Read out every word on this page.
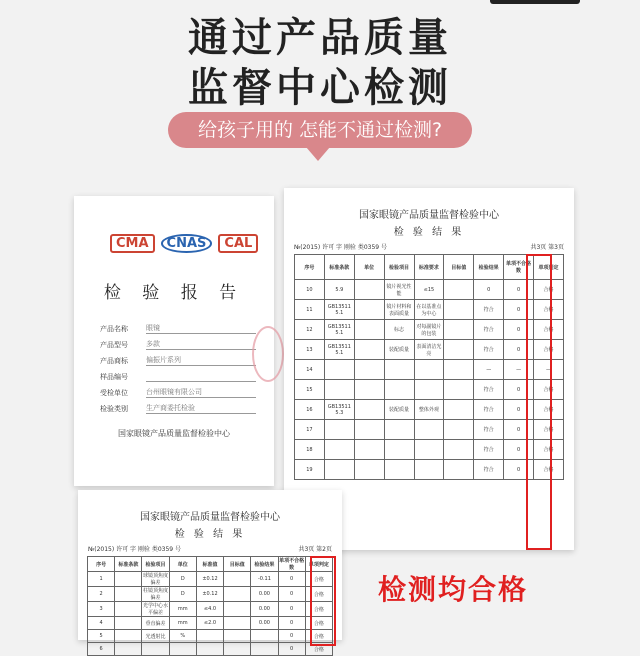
通过产品质量
监督中心检测
给孩子用的 怎能不通过检测?
CMA	CNAS	CAL
检 验 报 告
产品名称	眼镜
产品型号	多款
产品商标	偏振片系列
样品编号
受检单位	台州眼镜有限公司
检验类别	生产商委托检验
国家眼镜产品质量监督检验中心
国家眼镜产品质量监督检验中心
检 验 结 果
№(2015) 许可 字 刚验 类0359 号	共3页 第3页
序号	标准条款	单位	检验项目	标准要求	目标值	检验结果	单项不合格数	单项判定
10	5.9		镜片视光性能	≤15		0	0	合格
11	GB13511 5.1		镜片材料和表面质量	在以基准点为中心		符合	0	合格
12	GB13511 5.1		标志	对每副镜片的包装		符合	0	合格
13	GB13511 5.1		装配质量	表面清洁光亮		符合	0	合格
14						—	—	—
15						符合	0	合格
16	GB13511 5.3		装配质量	整体外观		符合	0	合格
17						符合	0	合格
18						符合	0	合格
19						符合	0	合格
国家眼镜产品质量监督检验中心
检 验 结 果
№(2015) 许可 字 刚验 类0359 号	共3页 第2页
序号	标准条款	检验项目	单位	标准值	目标值	检验结果	单项不合格数	单项判定
1		球镜顶焦度偏差	D	±0.12		-0.11	0	合格
2		柱镜顶焦度偏差	D	±0.12		0.00	0	合格
3		光学中心水平偏差	mm	≤4.0		0.00	0	合格
4		垂直偏差	mm	≤2.0		0.00	0	合格
5		光透射比	%				0	合格
6							0	合格
检测均合格
